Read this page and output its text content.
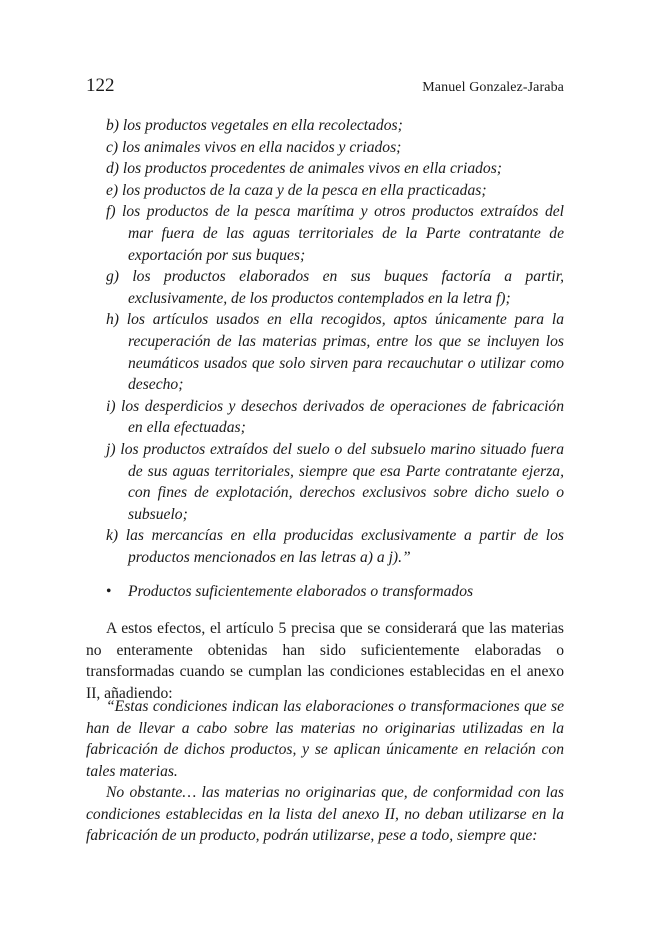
122	Manuel Gonzalez-Jaraba
b) los productos vegetales en ella recolectados;
c) los animales vivos en ella nacidos y criados;
d) los productos procedentes de animales vivos en ella criados;
e) los productos de la caza y de la pesca en ella practicadas;
f) los productos de la pesca marítima y otros productos extraídos del mar fuera de las aguas territoriales de la Parte contratante de exportación por sus buques;
g) los productos elaborados en sus buques factoría a partir, exclusivamente, de los productos contemplados en la letra f);
h) los artículos usados en ella recogidos, aptos únicamente para la recuperación de las materias primas, entre los que se incluyen los neumáticos usados que solo sirven para recauchutar o utilizar como desecho;
i) los desperdicios y desechos derivados de operaciones de fabricación en ella efectuadas;
j) los productos extraídos del suelo o del subsuelo marino situado fuera de sus aguas territoriales, siempre que esa Parte contratante ejerza, con fines de explotación, derechos exclusivos sobre dicho suelo o subsuelo;
k) las mercancías en ella producidas exclusivamente a partir de los productos mencionados en las letras a) a j).”
• Productos suficientemente elaborados o transformados

A estos efectos, el artículo 5 precisa que se considerará que las materias no enteramente obtenidas han sido suficientemente elaboradas o transformadas cuando se cumplan las condiciones establecidas en el anexo II, añadiendo:

“Estas condiciones indican las elaboraciones o transformaciones que se han de llevar a cabo sobre las materias no originarias utilizadas en la fabricación de dichos productos, y se aplican únicamente en relación con tales materias.

No obstante… las materias no originarias que, de conformidad con las condiciones establecidas en la lista del anexo II, no deban utilizarse en la fabricación de un producto, podrán utilizarse, pese a todo, siempre que:
